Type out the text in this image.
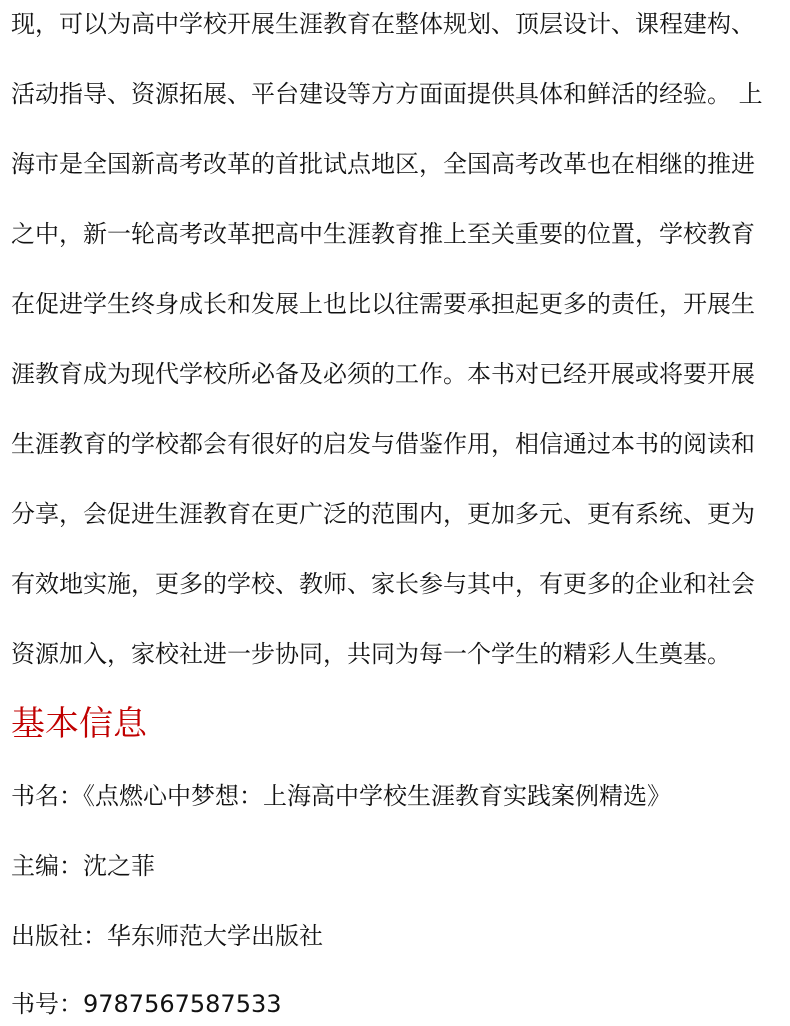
现，可以为高中学校开展生涯教育在整体规划、顶层设计、课程建构、
活动指导、资源拓展、平台建设等方方面面提供具体和鲜活的经验。 上
海市是全国新高考改革的首批试点地区，全国高考改革也在相继的推进
之中，新一轮高考改革把高中生涯教育推上至关重要的位置，学校教育
在促进学生终身成长和发展上也比以往需要承担起更多的责任，开展生
涯教育成为现代学校所必备及必须的工作。本书对已经开展或将要开展
生涯教育的学校都会有很好的启发与借鉴作用，相信通过本书的阅读和
分享，会促进生涯教育在更广泛的范围内，更加多元、更有系统、更为
有效地实施，更多的学校、教师、家长参与其中，有更多的企业和社会
资源加入，家校社进一步协同，共同为每一个学生的精彩人生奠基。
基本信息
书名：《点燃心中梦想：上海高中学校生涯教育实践案例精选》
主编：沈之菲
出版社：华东师范大学出版社
书号：9787567587533
